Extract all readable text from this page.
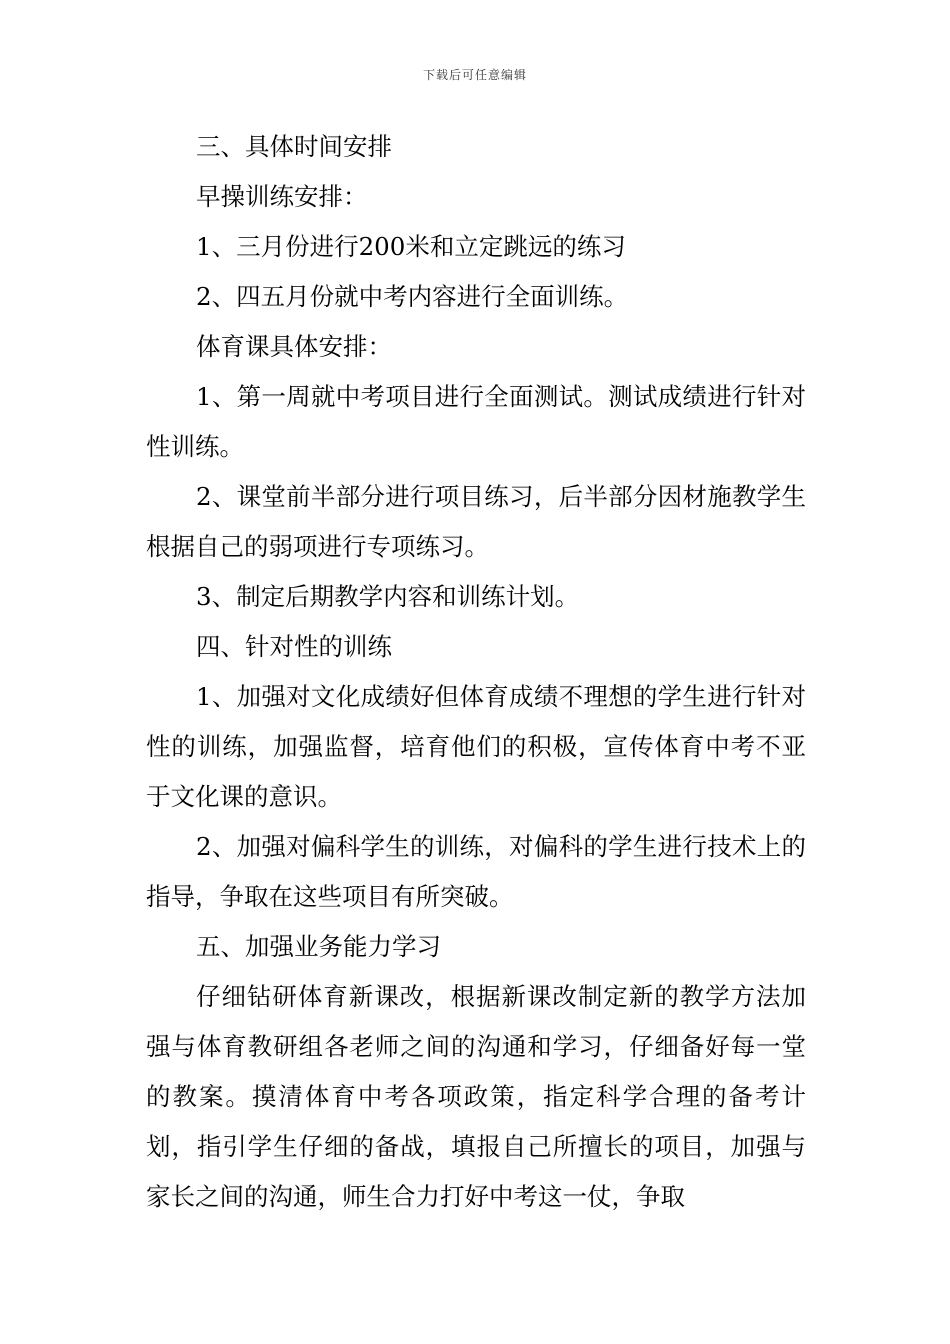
下载后可任意编辑

三、具体时间安排

早操训练安排：

1、三月份进行200米和立定跳远的练习

2、四五月份就中考内容进行全面训练。

体育课具体安排：

1、第一周就中考项目进行全面测试。测试成绩进行针对性训练。

2、课堂前半部分进行项目练习，后半部分因材施教学生根据自己的弱项进行专项练习。

3、制定后期教学内容和训练计划。

四、针对性的训练

1、加强对文化成绩好但体育成绩不理想的学生进行针对性的训练，加强监督，培育他们的积极，宣传体育中考不亚于文化课的意识。

2、加强对偏科学生的训练，对偏科的学生进行技术上的指导，争取在这些项目有所突破。

五、加强业务能力学习

仔细钻研体育新课改，根据新课改制定新的教学方法加强与体育教研组各老师之间的沟通和学习，仔细备好每一堂的教案。摸清体育中考各项政策，指定科学合理的备考计划，指引学生仔细的备战，填报自己所擅长的项目，加强与家长之间的沟通，师生合力打好中考这一仗，争取
